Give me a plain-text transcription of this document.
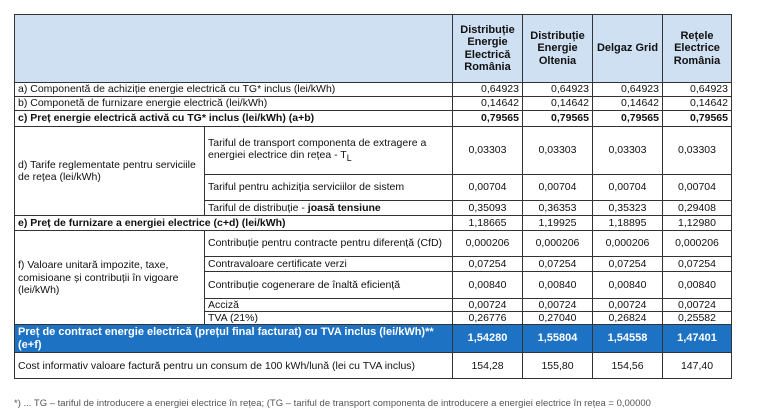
		Distribuție Energie Electrică România	Distribuție Energie Oltenia	Delgaz Grid	Rețele Electrice România
a) Componentă de achiziție energie electrică cu TG* inclus (lei/kWh)		0,64923	0,64923	0,64923	0,64923
b) Componetă de furnizare energie electrică (lei/kWh)		0,14642	0,14642	0,14642	0,14642
c) Preț energie electrică activă cu TG* inclus (lei/kWh) (a+b)		0,79565	0,79565	0,79565	0,79565
d) Tarife reglementate pentru serviciile de rețea (lei/kWh)	Tariful de transport componenta de extragere a energiei electrice din rețea - $T_L$	0,03303	0,03303	0,03303	0,03303
	Tariful pentru achiziția serviciilor de sistem	0,00704	0,00704	0,00704	0,00704
	Tariful de distribuție - joasă tensiune	0,35093	0,36353	0,35323	0,29408
e) Preț de furnizare a energiei electrice (c+d) (lei/kWh)		1,18665	1,19925	1,18895	1,12980
f) Valoare unitară impozite, taxe, comisioane și contribuții în vigoare (lei/kWh)	Contribuție pentru contracte pentru diferență (CfD)	0,000206	0,000206	0,000206	0,000206
	Contravaloare certificate verzi	0,07254	0,07254	0,07254	0,07254
	Contribuție cogenerare de înaltă eficiență	0,00840	0,00840	0,00840	0,00840
	Acciză	0,00724	0,00724	0,00724	0,00724
	TVA (21%)	0,26776	0,27040	0,26824	0,25582
Preț de contract energie electrică (prețul final facturat) cu TVA inclus (lei/kWh)** (e+f)		1,54280	1,55804	1,54558	1,47401
Cost informativ valoare factură pentru un consum de 100 kWh/lună (lei cu TVA inclus)		154,28	155,80	154,56	147,40
*) ... TG – tariful de introducere a energiei electrice în rețea; (TG – tariful de transport componenta de introducere a energiei electrice în rețea = 0,00000
